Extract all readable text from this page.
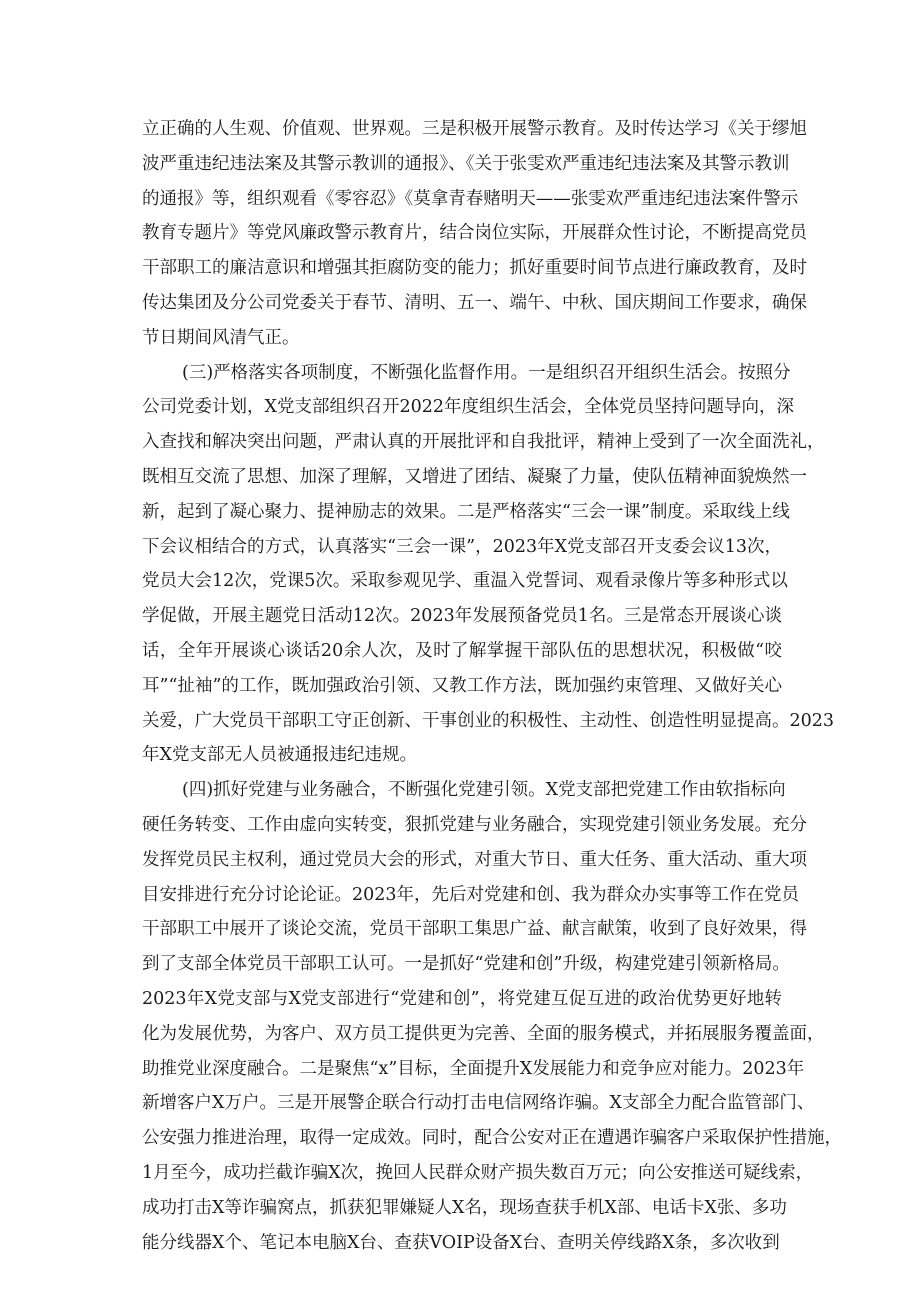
立正确的人生观、价值观、世界观。三是积极开展警示教育。及时传达学习《关于缪旭
波严重违纪违法案及其警示教训的通报》、《关于张雯欢严重违纪违法案及其警示教训
的通报》等，组织观看《零容忍》《莫拿青春赌明天——张雯欢严重违纪违法案件警示
教育专题片》等党风廉政警示教育片，结合岗位实际，开展群众性讨论，不断提高党员
干部职工的廉洁意识和增强其拒腐防变的能力；抓好重要时间节点进行廉政教育，及时
传达集团及分公司党委关于春节、清明、五一、端午、中秋、国庆期间工作要求，确保
节日期间风清气正。
(三)严格落实各项制度，不断强化监督作用。一是组织召开组织生活会。按照分
公司党委计划，X党支部组织召开2022年度组织生活会，全体党员坚持问题导向，深
入查找和解决突出问题，严肃认真的开展批评和自我批评，精神上受到了一次全面洗礼，
既相互交流了思想、加深了理解，又增进了团结、凝聚了力量，使队伍精神面貌焕然一
新，起到了凝心聚力、提神励志的效果。二是严格落实“三会一课”制度。采取线上线
下会议相结合的方式，认真落实“三会一课”，2023年X党支部召开支委会议13次，
党员大会12次，党课5次。采取参观见学、重温入党誓词、观看录像片等多种形式以
学促做，开展主题党日活动12次。2023年发展预备党员1名。三是常态开展谈心谈
话，全年开展谈心谈话20余人次，及时了解掌握干部队伍的思想状况，积极做“咬
耳”“扯袖”的工作，既加强政治引领、又教工作方法，既加强约束管理、又做好关心
关爱，广大党员干部职工守正创新、干事创业的积极性、主动性、创造性明显提高。2023
年X党支部无人员被通报违纪违规。
(四)抓好党建与业务融合，不断强化党建引领。X党支部把党建工作由软指标向
硬任务转变、工作由虚向实转变，狠抓党建与业务融合，实现党建引领业务发展。充分
发挥党员民主权利，通过党员大会的形式，对重大节日、重大任务、重大活动、重大项
目安排进行充分讨论论证。2023年，先后对党建和创、我为群众办实事等工作在党员
干部职工中展开了谈论交流，党员干部职工集思广益、献言献策，收到了良好效果，得
到了支部全体党员干部职工认可。一是抓好“党建和创”升级，构建党建引领新格局。
2023年X党支部与X党支部进行“党建和创”，将党建互促互进的政治优势更好地转
化为发展优势，为客户、双方员工提供更为完善、全面的服务模式，并拓展服务覆盖面，
助推党业深度融合。二是聚焦“x”目标，全面提升X发展能力和竞争应对能力。2023年
新增客户X万户。三是开展警企联合行动打击电信网络诈骗。X支部全力配合监管部门、
公安强力推进治理，取得一定成效。同时，配合公安对正在遭遇诈骗客户采取保护性措施，
1月至今，成功拦截诈骗X次，挽回人民群众财产损失数百万元；向公安推送可疑线索，
成功打击X等诈骗窝点，抓获犯罪嫌疑人X名，现场查获手机X部、电话卡X张、多功
能分线器X个、笔记本电脑X台、查获VOIP设备X台、查明关停线路X条，多次收到
